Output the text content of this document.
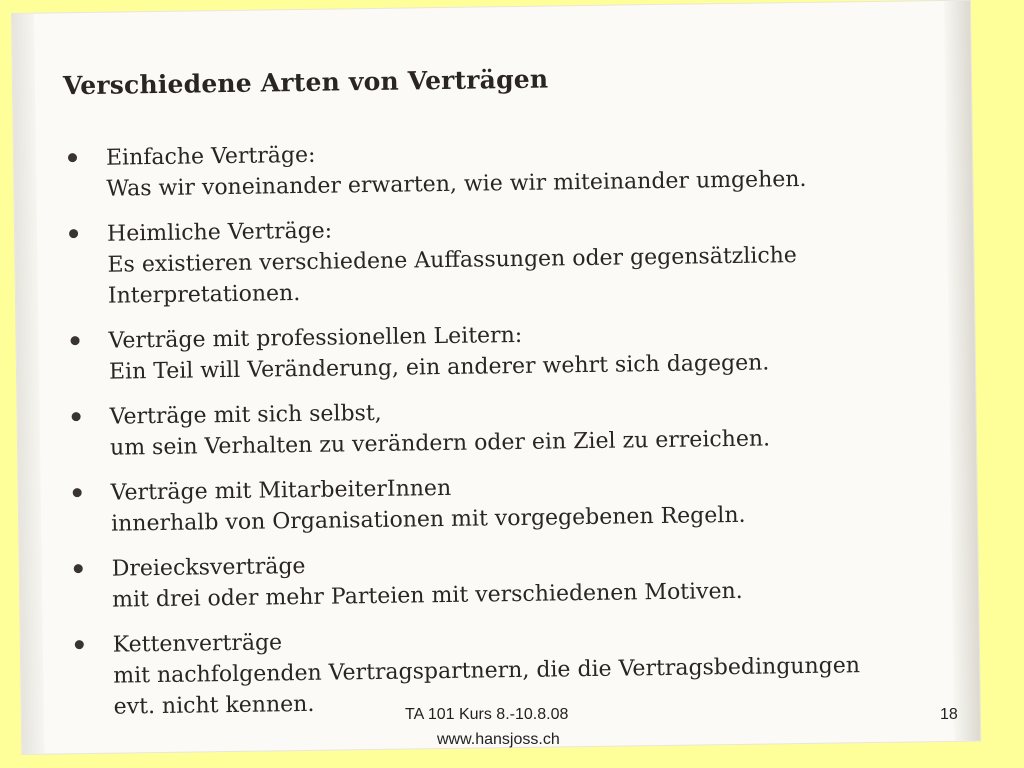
Verschiedene Arten von Verträgen
Einfache Verträge:
Was wir voneinander erwarten, wie wir miteinander umgehen.
Heimliche Verträge:
Es existieren verschiedene Auffassungen oder gegensätzliche
Interpretationen.
Verträge mit professionellen Leitern:
Ein Teil will Veränderung, ein anderer wehrt sich dagegen.
Verträge mit sich selbst,
um sein Verhalten zu verändern oder ein Ziel zu erreichen.
Verträge mit MitarbeiterInnen
innerhalb von Organisationen mit vorgegebenen Regeln.
Dreiecksverträge
mit drei oder mehr Parteien mit verschiedenen Motiven.
Kettenverträge
mit nachfolgenden Vertragspartnern, die die Vertragsbedingungen
evt. nicht kennen.	TA 101 Kurs 8.-10.8.08
www.hansjoss.ch
18
